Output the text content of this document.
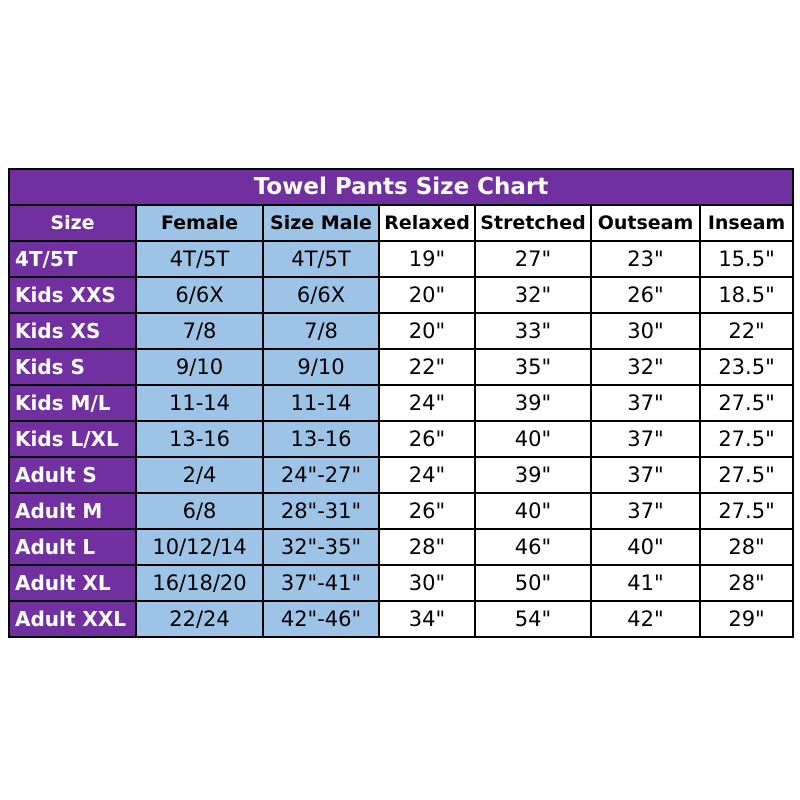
Towel Pants Size Chart						
Size	Female	Size Male	Relaxed	Stretched	Outseam	Inseam
4T/5T	4T/5T	4T/5T	19"	27"	23"	15.5"
Kids XXS	6/6X	6/6X	20"	32"	26"	18.5"
Kids XS	7/8	7/8	20"	33"	30"	22"
Kids S	9/10	9/10	22"	35"	32"	23.5"
Kids M/L	11-14	11-14	24"	39"	37"	27.5"
Kids L/XL	13-16	13-16	26"	40"	37"	27.5"
Adult S	2/4	24"-27"	24"	39"	37"	27.5"
Adult M	6/8	28"-31"	26"	40"	37"	27.5"
Adult L	10/12/14	32"-35"	28"	46"	40"	28"
Adult XL	16/18/20	37"-41"	30"	50"	41"	28"
Adult XXL	22/24	42"-46"	34"	54"	42"	29"
